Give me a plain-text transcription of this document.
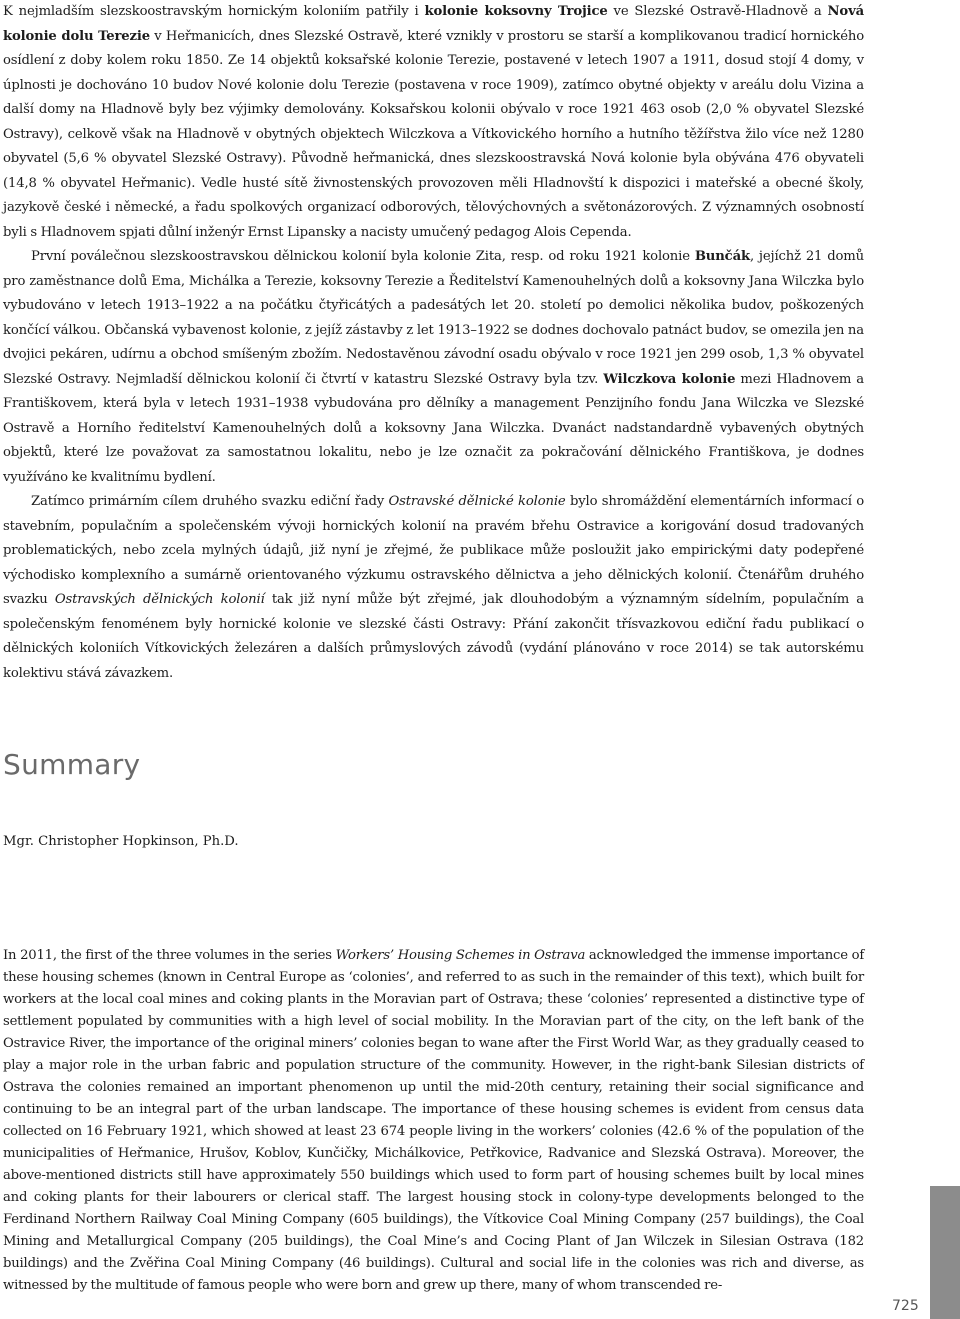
K nejmladším slezskoostravským hornickým koloniím patřily i kolonie koksovny Trojice ve Slezské Ostravě-Hladnově a Nová kolonie dolu Terezie v Heřmanicích, dnes Slezské Ostravě, které vznikly v prostoru se starší a komplikovanou tradicí hornického osídlení z doby kolem roku 1850. Ze 14 objektů koksařské kolonie Terezie, postavené v letech 1907 a 1911, dosud stojí 4 domy, v úplnosti je dochováno 10 budov Nové kolonie dolu Terezie (postavena v roce 1909), zatímco obytné objekty v areálu dolu Vizina a další domy na Hladnově byly bez výjimky demolovány. Koksařskou kolonii obývalo v roce 1921 463 osob (2,0 % obyvatel Slezské Ostravy), celkově však na Hladnově v obytných objektech Wilczkova a Vítkovického horního a hutního těžířstva žilo více než 1280 obyvatel (5,6 % obyvatel Slezské Ostravy). Původně heřmanická, dnes slezskoostravská Nová kolonie byla obývána 476 obyvateli (14,8 % obyvatel Heřmanic). Vedle husté sítě živnostenských provozoven měli Hladnovští k dispozici i mateřské a obecné školy, jazykově české i německé, a řadu spolkových organizací odborových, tělovýchovných a světonázorových. Z významných osobností byli s Hladnovem spjati důlní inženýr Ernst Lipansky a nacisty umučený pedagog Alois Cependa.

První poválečnou slezskoostravskou dělnickou kolonií byla kolonie Zita, resp. od roku 1921 kolonie Bunčák, jejíchž 21 domů pro zaměstnance dolů Ema, Michálka a Terezie, koksovny Terezie a Ředitelství Kamenouhelných dolů a koksovny Jana Wilczka bylo vybudováno v letech 1913–1922 a na počátku čtyřicátých a padesátých let 20. století po demolici několika budov, poškozených končící válkou. Občanská vybavenost kolonie, z jejíž zástavby z let 1913–1922 se dodnes dochovalo patnáct budov, se omezila jen na dvojici pekáren, udírnu a obchod smíšeným zbožím. Nedostavěnou závodní osadu obývalo v roce 1921 jen 299 osob, 1,3 % obyvatel Slezské Ostravy. Nejmladší dělnickou kolonií či čtvrtí v katastru Slezské Ostravy byla tzv. Wilczkova kolonie mezi Hladnovem a Františkovem, která byla v letech 1931–1938 vybudována pro dělníky a management Penzijního fondu Jana Wilczka ve Slezské Ostravě a Horního ředitelství Kamenouhelných dolů a koksovny Jana Wilczka. Dvanáct nadstandardně vybavených obytných objektů, které lze považovat za samostatnou lokalitu, nebo je lze označit za pokračování dělnického Františkova, je dodnes využíváno ke kvalitnímu bydlení.

Zatímco primárním cílem druhého svazku ediční řady Ostravské dělnické kolonie bylo shromáždění elementárních informací o stavebním, populačním a společenském vývoji hornických kolonií na pravém břehu Ostravice a korigování dosud tradovaných problematických, nebo zcela mylných údajů, již nyní je zřejmé, že publikace může posloužit jako empirickými daty podepřené východisko komplexního a sumárně orientovaného výzkumu ostravského dělnictva a jeho dělnických kolonií. Čtenářům druhého svazku Ostravských dělnických kolonií tak již nyní může být zřejmé, jak dlouhodobým a významným sídelním, populačním a společenským fenoménem byly hornické kolonie ve slezské části Ostravy: Přání zakončit třísvazkovou ediční řadu publikací o dělnických koloniích Vítkovických železáren a dalších průmyslových závodů (vydání plánováno v roce 2014) se tak autorskému kolektivu stává závazkem.

Summary

Mgr. Christopher Hopkinson, Ph.D.

In 2011, the first of the three volumes in the series Workers’ Housing Schemes in Ostrava acknowledged the immense importance of these housing schemes (known in Central Europe as ‘colonies’, and referred to as such in the remainder of this text), which built for workers at the local coal mines and coking plants in the Moravian part of Ostrava; these ‘colonies’ represented a distinctive type of settlement populated by communities with a high level of social mobility. In the Moravian part of the city, on the left bank of the Ostravice River, the importance of the original miners’ colonies began to wane after the First World War, as they gradually ceased to play a major role in the urban fabric and population structure of the community. However, in the right-bank Silesian districts of Ostrava the colonies remained an important phenomenon up until the mid-20th century, retaining their social significance and continuing to be an integral part of the urban landscape. The importance of these housing schemes is evident from census data collected on 16 February 1921, which showed at least 23 674 people living in the workers’ colonies (42.6 % of the population of the municipalities of Heřmanice, Hrušov, Koblov, Kunčičky, Michálkovice, Petřkovice, Radvanice and Slezská Ostrava). Moreover, the above-mentioned districts still have approximately 550 buildings which used to form part of housing schemes built by local mines and coking plants for their labourers or clerical staff. The largest housing stock in colony-type developments belonged to the Ferdinand Northern Railway Coal Mining Company (605 buildings), the Vítkovice Coal Mining Company (257 buildings), the Coal Mining and Metallurgical Company (205 buildings), the Coal Mine’s and Cocing Plant of Jan Wilczek in Silesian Ostrava (182 buildings) and the Zvěřina Coal Mining Company (46 buildings). Cultural and social life in the colonies was rich and diverse, as witnessed by the multitude of famous people who were born and grew up there, many of whom transcended re-

725
